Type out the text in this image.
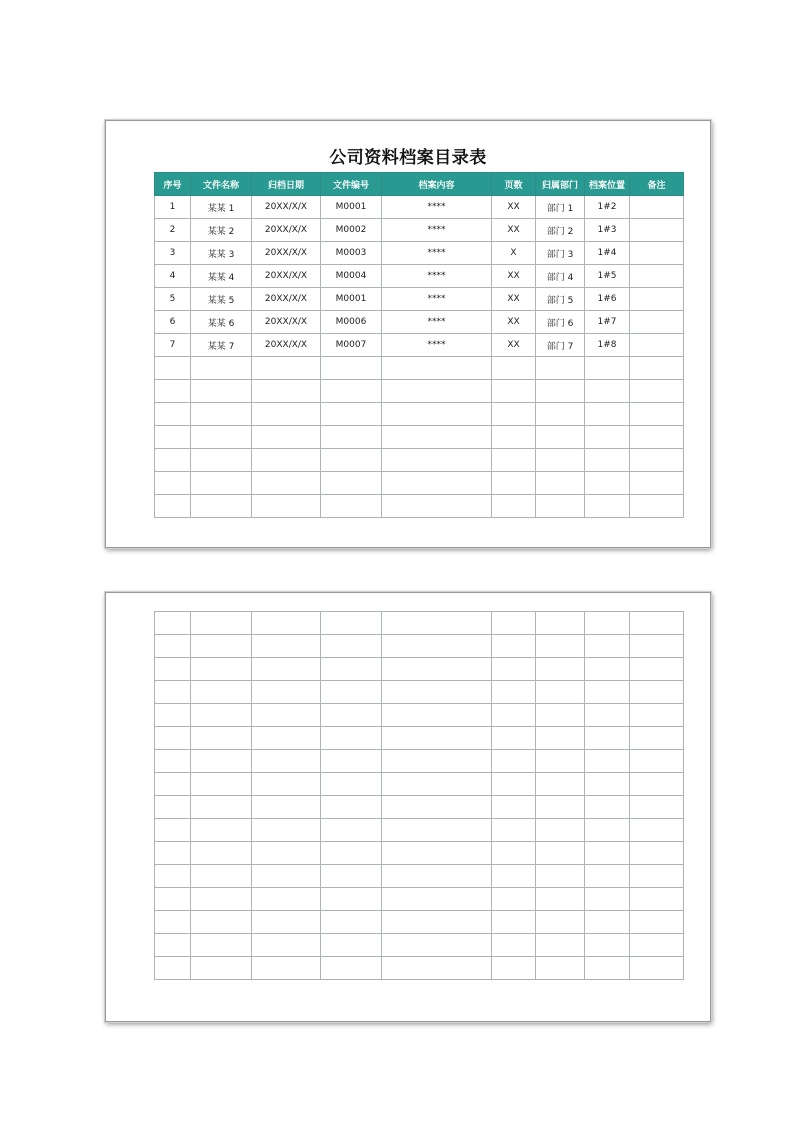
公司资料档案目录表
序号	文件名称	归档日期	文件编号	档案内容	页数	归属部门	档案位置	备注
1	某某 1	20XX/X/X	M0001	****	XX	部门 1	1#2	
2	某某 2	20XX/X/X	M0002	****	XX	部门 2	1#3	
3	某某 3	20XX/X/X	M0003	****	X	部门 3	1#4	
4	某某 4	20XX/X/X	M0004	****	XX	部门 4	1#5	
5	某某 5	20XX/X/X	M0001	****	XX	部门 5	1#6	
6	某某 6	20XX/X/X	M0006	****	XX	部门 6	1#7	
7	某某 7	20XX/X/X	M0007	****	XX	部门 7	1#8	
